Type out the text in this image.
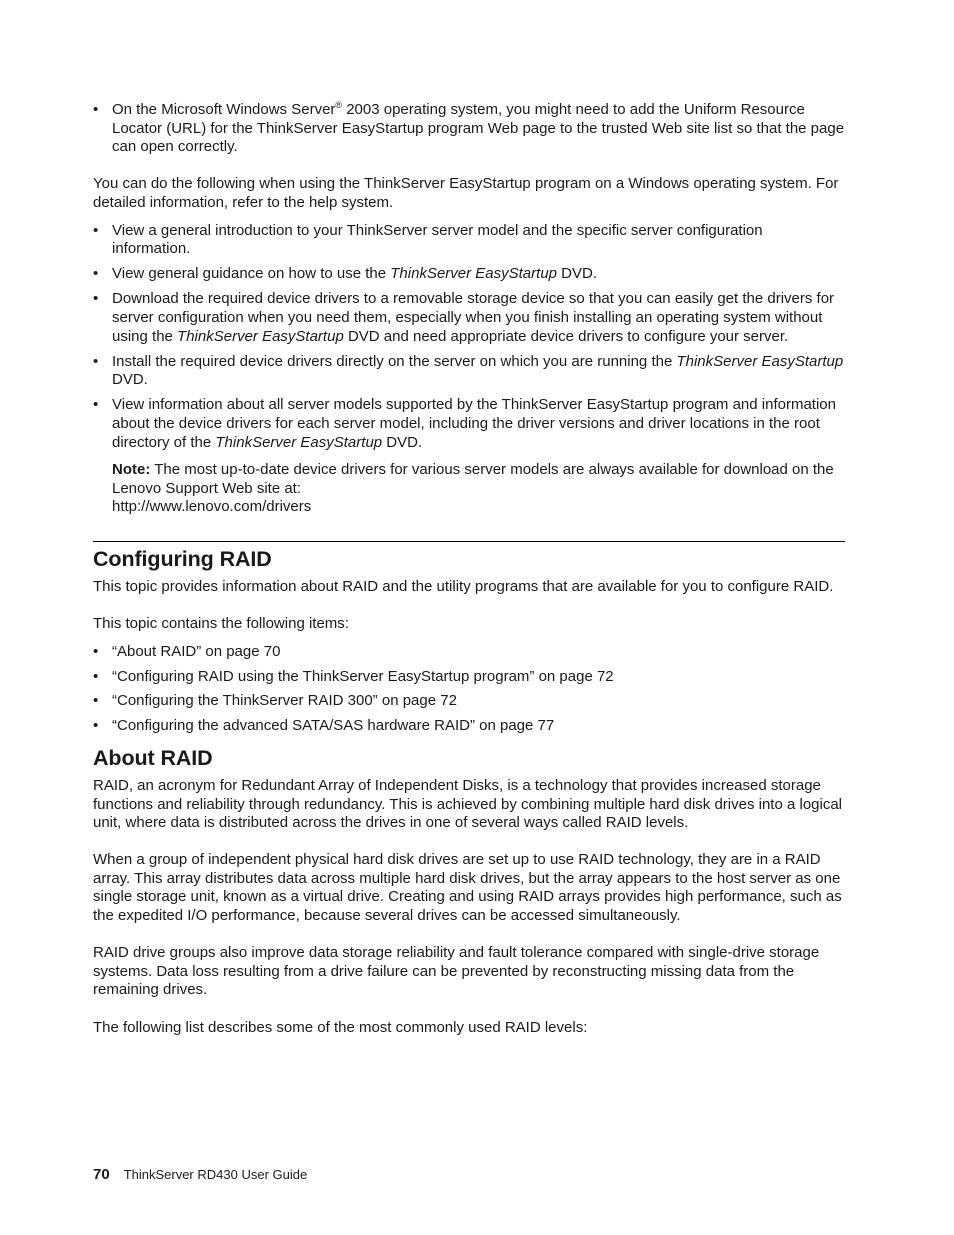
• On the Microsoft Windows Server® 2003 operating system, you might need to add the Uniform Resource Locator (URL) for the ThinkServer EasyStartup program Web page to the trusted Web site list so that the page can open correctly.

You can do the following when using the ThinkServer EasyStartup program on a Windows operating system. For detailed information, refer to the help system.

• View a general introduction to your ThinkServer server model and the specific server configuration information.
• View general guidance on how to use the ThinkServer EasyStartup DVD.
• Download the required device drivers to a removable storage device so that you can easily get the drivers for server configuration when you need them, especially when you finish installing an operating system without using the ThinkServer EasyStartup DVD and need appropriate device drivers to configure your server.
• Install the required device drivers directly on the server on which you are running the ThinkServer EasyStartup DVD.
• View information about all server models supported by the ThinkServer EasyStartup program and information about the device drivers for each server model, including the driver versions and driver locations in the root directory of the ThinkServer EasyStartup DVD.
Note: The most up-to-date device drivers for various server models are always available for download on the Lenovo Support Web site at:
http://www.lenovo.com/drivers
Configuring RAID

This topic provides information about RAID and the utility programs that are available for you to configure RAID.

This topic contains the following items:

• “About RAID” on page 70
• “Configuring RAID using the ThinkServer EasyStartup program” on page 72
• “Configuring the ThinkServer RAID 300” on page 72
• “Configuring the advanced SATA/SAS hardware RAID” on page 77
About RAID

RAID, an acronym for Redundant Array of Independent Disks, is a technology that provides increased storage functions and reliability through redundancy. This is achieved by combining multiple hard disk drives into a logical unit, where data is distributed across the drives in one of several ways called RAID levels.

When a group of independent physical hard disk drives are set up to use RAID technology, they are in a RAID array. This array distributes data across multiple hard disk drives, but the array appears to the host server as one single storage unit, known as a virtual drive. Creating and using RAID arrays provides high performance, such as the expedited I/O performance, because several drives can be accessed simultaneously.

RAID drive groups also improve data storage reliability and fault tolerance compared with single-drive storage systems. Data loss resulting from a drive failure can be prevented by reconstructing missing data from the remaining drives.

The following list describes some of the most commonly used RAID levels:

70 ThinkServer RD430 User Guide
